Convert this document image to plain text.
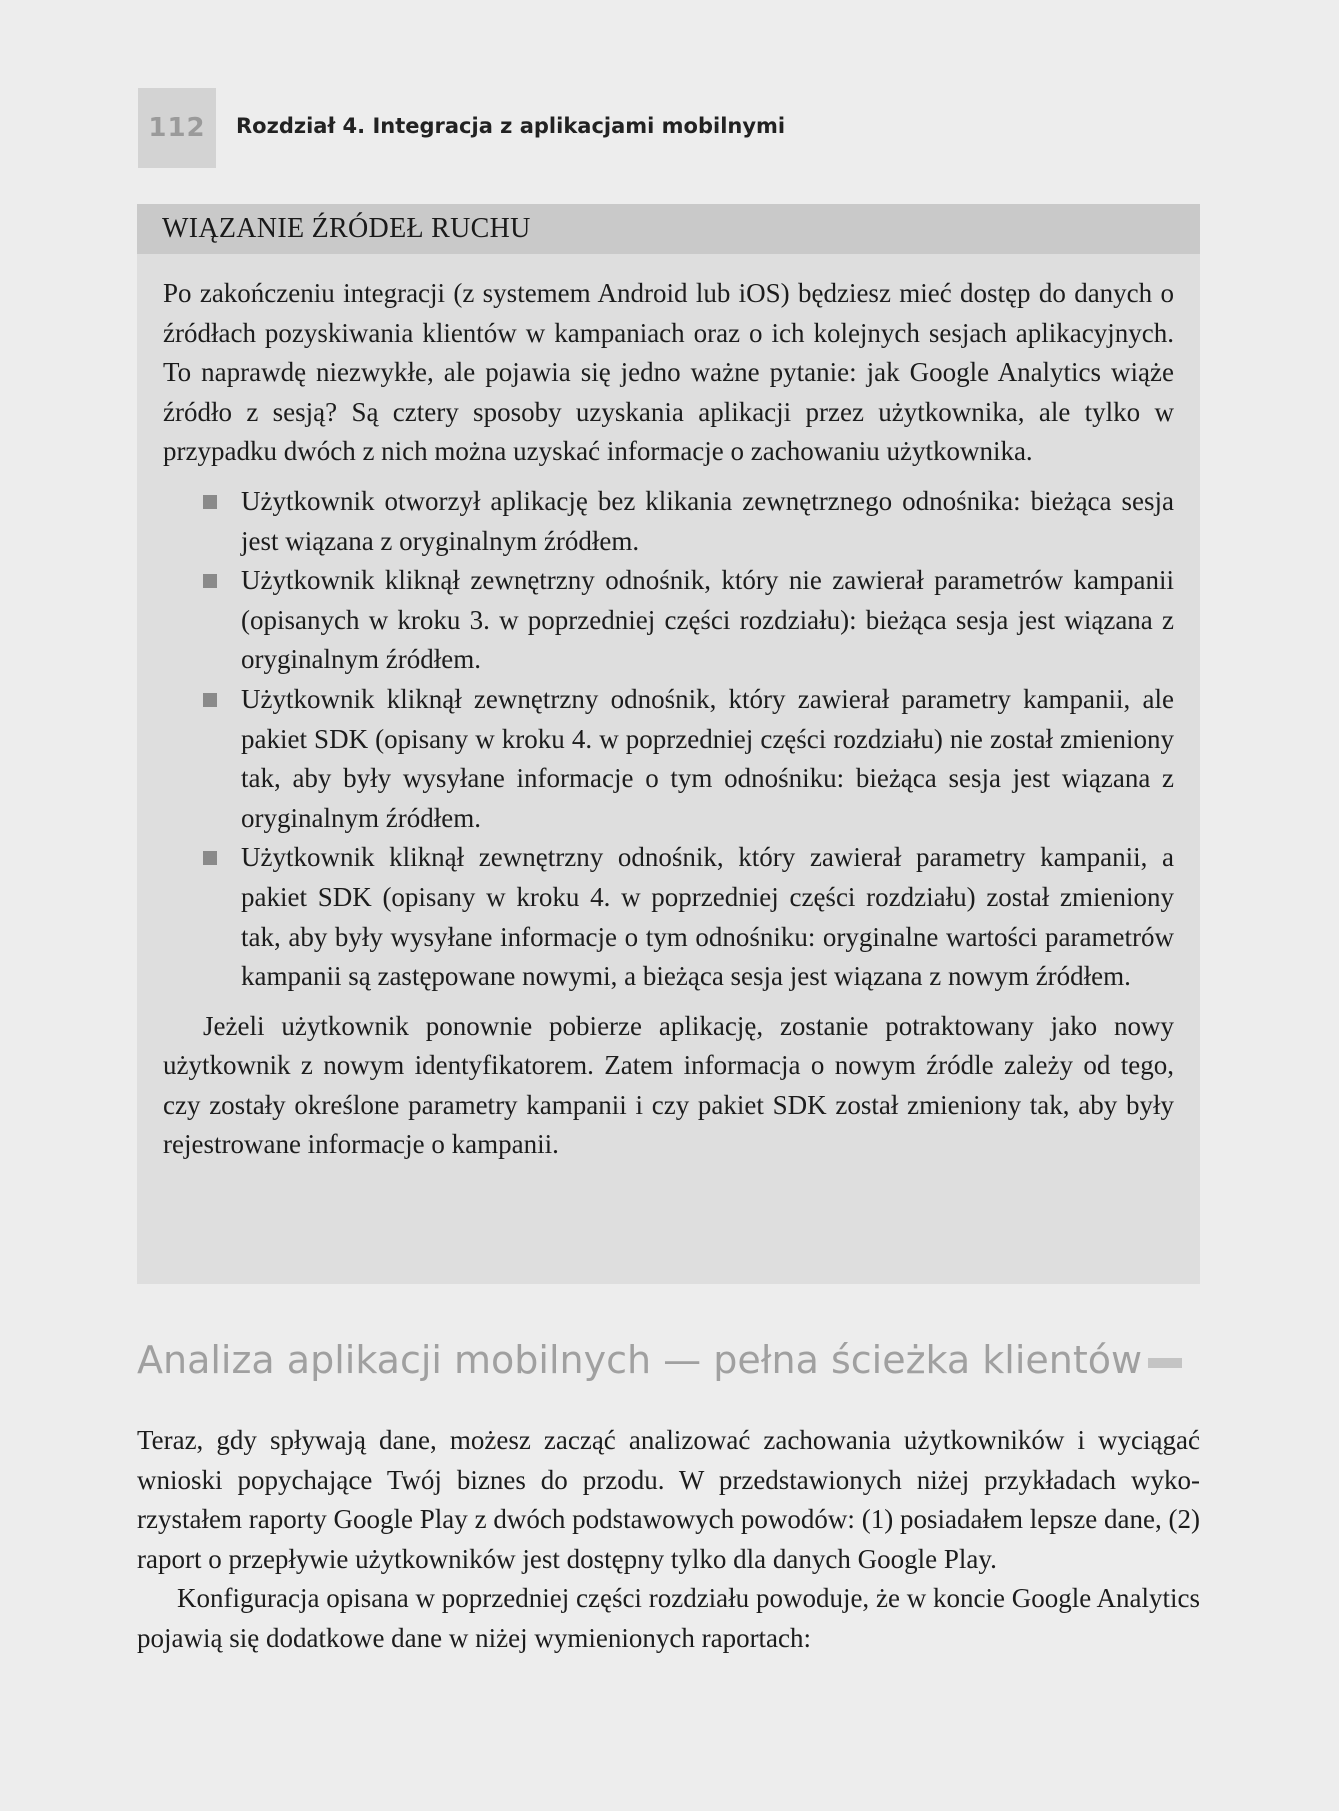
112 Rozdział 4. Integracja z aplikacjami mobilnymi
WIĄZANIE ŹRÓDEŁ RUCHU

Po zakończeniu integracji (z systemem Android lub iOS) będziesz mieć dostęp do danych o źródłach pozyskiwania klientów w kampaniach oraz o ich kolejnych sesjach aplikacyjnych. To naprawdę niezwykłe, ale pojawia się jedno ważne pytanie: jak Google Analytics wiąże źródło z sesją? Są cztery sposoby uzyskania aplikacji przez użytkownika, ale tylko w przypadku dwóch z nich można uzyskać informacje o zachowaniu użytkownika.

Użytkownik otworzył aplikację bez klikania zewnętrznego odnośnika: bieżąca sesja jest wiązana z oryginalnym źródłem.
Użytkownik kliknął zewnętrzny odnośnik, który nie zawierał parametrów kampanii (opisanych w kroku 3. w poprzedniej części rozdziału): bieżąca sesja jest wiązana z oryginalnym źródłem.
Użytkownik kliknął zewnętrzny odnośnik, który zawierał parametry kampanii, ale pakiet SDK (opisany w kroku 4. w poprzedniej części rozdziału) nie został zmieniony tak, aby były wysyłane informacje o tym odnośniku: bieżąca sesja jest wiązana z oryginalnym źródłem.
Użytkownik kliknął zewnętrzny odnośnik, który zawierał parametry kampanii, a pakiet SDK (opisany w kroku 4. w poprzedniej części rozdziału) został zmieniony tak, aby były wysyłane informacje o tym odnośniku: oryginalne wartości parametrów kampanii są zastępowane nowymi, a bieżąca sesja jest wiązana z nowym źródłem.

Jeżeli użytkownik ponownie pobierze aplikację, zostanie potraktowany jako nowy użytkownik z nowym identyfikatorem. Zatem informacja o nowym źródle zależy od tego, czy zostały określone parametry kampanii i czy pakiet SDK został zmieniony tak, aby były rejestrowane informacje o kampanii.

Analiza aplikacji mobilnych — pełna ścieżka klientów

Teraz, gdy spływają dane, możesz zacząć analizować zachowania użytkowników i wyciągać wnioski popychające Twój biznes do przodu. W przedstawionych niżej przykładach wykorzystałem raporty Google Play z dwóch podstawowych powodów: (1) posiadałem lepsze dane, (2) raport o przepływie użytkowników jest dostępny tylko dla danych Google Play.

Konfiguracja opisana w poprzedniej części rozdziału powoduje, że w koncie Google Analytics pojawią się dodatkowe dane w niżej wymienionych raportach:
